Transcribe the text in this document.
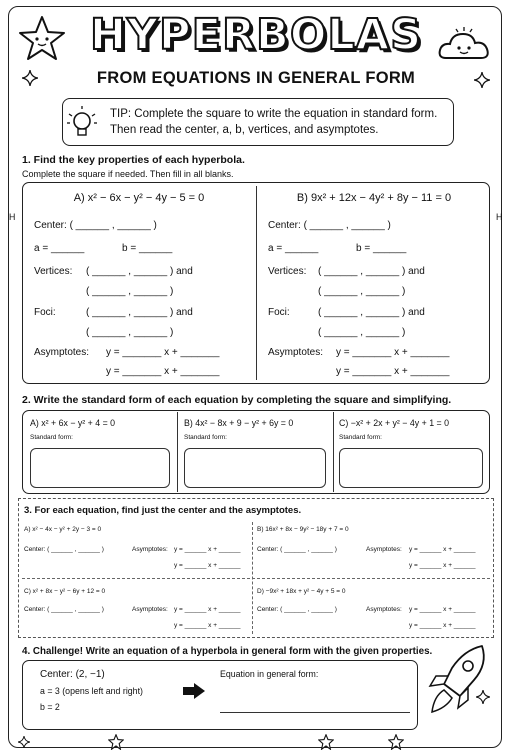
HYPERBOLAS
FROM EQUATIONS IN GENERAL FORM
TIP: Complete the square to write the equation in standard form.
Then read the center, a, b, vertices, and asymptotes.
1. Find the key properties of each hyperbola.
Complete the square if needed. Then fill in all blanks.
A) x² − 6x − y² − 4y − 5 = 0
Center: ( ______ , ______ )
a = ______	b = ______
Vertices: ( ______ , ______ ) and
( ______ , ______ )
Foci:	( ______ , ______ ) and
( ______ , ______ )
Asymptotes: y = _______ x + _______
y = _______ x + _______
B) 9x² + 12x − 4y² + 8y − 11 = 0
Center: ( ______ , ______ )
a = ______	b = ______
Vertices: ( ______ , ______ ) and
( ______ , ______ )
Foci:	( ______ , ______ ) and
( ______ , ______ )
Asymptotes: y = _______ x + _______
y = _______ x + _______
H	H
2. Write the standard form of each equation by completing the square and simplifying.
A) x² + 6x − y² + 4 = 0
Standard form:
B) 4x² − 8x + 9 − y² + 6y = 0
Standard form:
C) −x² + 2x + y² − 4y + 1 = 0
Standard form:
3. For each equation, find just the center and the asymptotes.
A) x² − 4x − y² + 2y − 3 = 0
Center: ( ______ , ______ )	Asymptotes: y = ______ x + ______
y = ______ x + ______
B) 16x² + 8x − 9y² − 18y + 7 = 0
Center: ( ______ , ______ )	Asymptotes: y = ______ x + ______
y = ______ x + ______
C) x² + 8x − y² − 6y + 12 = 0
Center: ( ______ , ______ )	Asymptotes: y = ______ x + ______
y = ______ x + ______
D) −9x² + 18x + y² − 4y + 5 = 0
Center: ( ______ , ______ )	Asymptotes: y = ______ x + ______
y = ______ x + ______
4. Challenge! Write an equation of a hyperbola in general form with the given properties.
Center: (2, −1)
a = 3 (opens left and right)
b = 2
Equation in general form:
